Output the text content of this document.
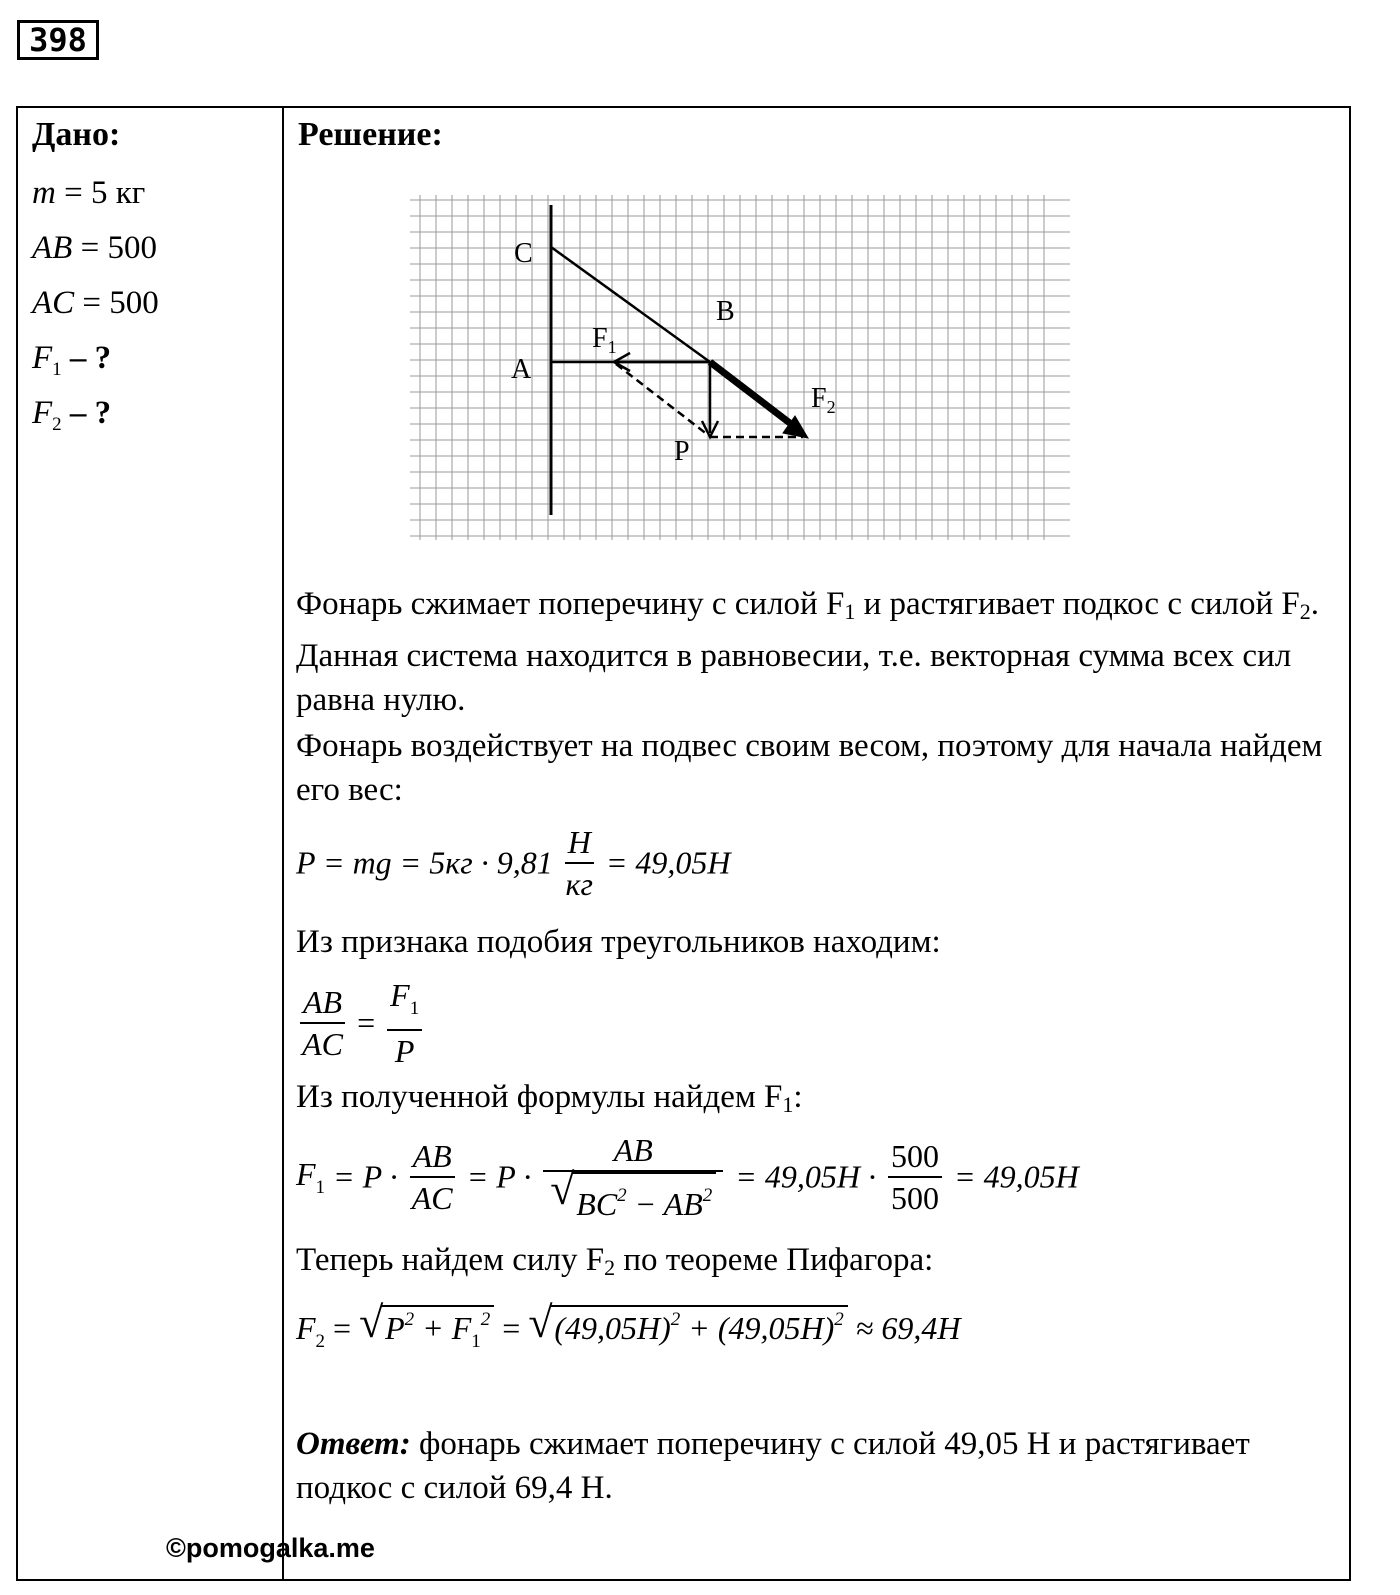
398
Дано:
m = 5 кг
AB = 500
AC = 500
$F_1$ – ?
$F_2$ – ?
Решение:
C
B
A
P
$F_1$
$F_2$
Фонарь сжимает поперечину с силой $F_1$ и растягивает подкос с силой $F_2$. Данная система находится в равновесии, т.е. векторная сумма всех сил равна нулю.
Фонарь воздействует на подвес своим весом, поэтому для начала найдем его вес:
P = mg = $5кг \cdot 9,81 \frac{H}{кг} = 49,05H$
Из признака подобия треугольников находим:
$\frac{AB}{AC} = \frac{F_1}{P}$
Из полученной формулы найдем $F_1$:
$F_1 = P \cdot \frac{AB}{AC} = P \cdot \frac{AB}{√ BC^2 - AB^2} = 49,05H \cdot \frac{500}{500} = 49,05H$
Теперь найдем силу $F_2$ по теореме Пифагора:
$F_2$ = √ $P^2 + F_1^2$ = √ $(49,05H)^2 + (49,05H)^2 \approx 69,4H$
Ответ: фонарь сжимает поперечину с силой 49,05 Н и растягивает подкос с силой 69,4 Н.
©pomogalka.me
